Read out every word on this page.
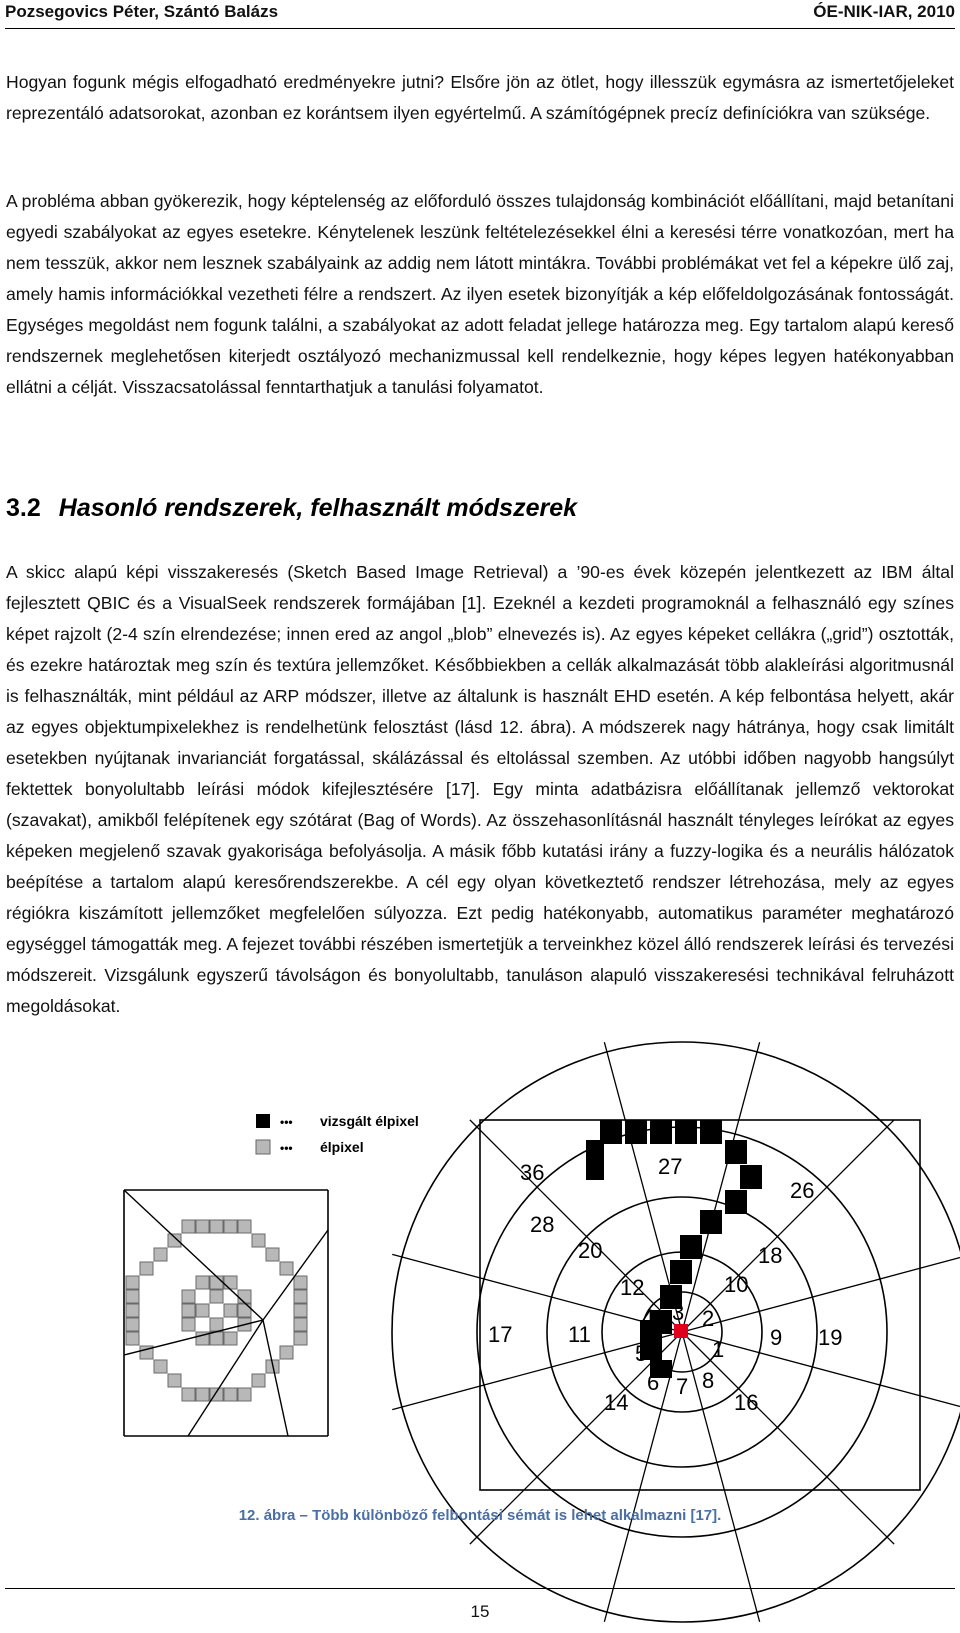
Pozsegovics Péter, Szántó Balázs	ÓE-NIK-IAR, 2010

Hogyan fogunk mégis elfogadható eredményekre jutni? Elsőre jön az ötlet, hogy illesszük egymásra az ismertetőjeleket reprezentáló adatsorokat, azonban ez korántsem ilyen egyértelmű. A számítógépnek precíz definíciókra van szüksége.

A probléma abban gyökerezik, hogy képtelenség az előforduló összes tulajdonság kombinációt előállítani, majd betanítani egyedi szabályokat az egyes esetekre. Kénytelenek leszünk feltételezésekkel élni a keresési térre vonatkozóan, mert ha nem tesszük, akkor nem lesznek szabályaink az addig nem látott mintákra. További problémákat vet fel a képekre ülő zaj, amely hamis információkkal vezetheti félre a rendszert. Az ilyen esetek bizonyítják a kép előfeldolgozásának fontosságát. Egységes megoldást nem fogunk találni, a szabályokat az adott feladat jellege határozza meg. Egy tartalom alapú kereső rendszernek meglehetősen kiterjedt osztályozó mechanizmussal kell rendelkeznie, hogy képes legyen hatékonyabban ellátni a célját. Visszacsatolással fenntarthatjuk a tanulási folyamatot.

3.2 Hasonló rendszerek, felhasznált módszerek

A skicc alapú képi visszakeresés (Sketch Based Image Retrieval) a ’90-es évek közepén jelentkezett az IBM által fejlesztett QBIC és a VisualSeek rendszerek formájában [1]. Ezeknél a kezdeti programoknál a felhasználó egy színes képet rajzolt (2-4 szín elrendezése; innen ered az angol „blob” elnevezés is). Az egyes képeket cellákra („grid”) osztották, és ezekre határoztak meg szín és textúra jellemzőket. Későbbiekben a cellák alkalmazását több alakleírási algoritmusnál is felhasználták, mint például az ARP módszer, illetve az általunk is használt EHD esetén. A kép felbontása helyett, akár az egyes objektumpixelekhez is rendelhetünk felosztást (lásd 12. ábra). A módszerek nagy hátránya, hogy csak limitált esetekben nyújtanak invarianciát forgatással, skálázással és eltolással szemben. Az utóbbi időben nagyobb hangsúlyt fektettek bonyolultabb leírási módok kifejlesztésére [17]. Egy minta adatbázisra előállítanak jellemző vektorokat (szavakat), amikből felépítenek egy szótárat (Bag of Words). Az összehasonlításnál használt tényleges leírókat az egyes képeken megjelenő szavak gyakorisága befolyásolja. A másik főbb kutatási irány a fuzzy-logika és a neurális hálózatok beépítése a tartalom alapú keresőrendszerekbe. A cél egy olyan következtető rendszer létrehozása, mely az egyes régiókra kiszámított jellemzőket megfelelően súlyozza. Ezt pedig hatékonyabb, automatikus paraméter meghatározó egységgel támogatták meg. A fejezet további részében ismertetjük a terveinkhez közel álló rendszerek leírási és tervezési módszereit. Vizsgálunk egyszerű távolságon és bonyolultabb, tanuláson alapuló visszakeresési technikával felruházott megoldásokat.

•••
•••
vizsgált élpixel
élpixel
36	27
26
28
20	18
12	10
4 3 2
11	19
9
17
1
5
6 7 8
14	16

12. ábra – Több különböző felbontási sémát is lehet alkalmazni [17].

15
